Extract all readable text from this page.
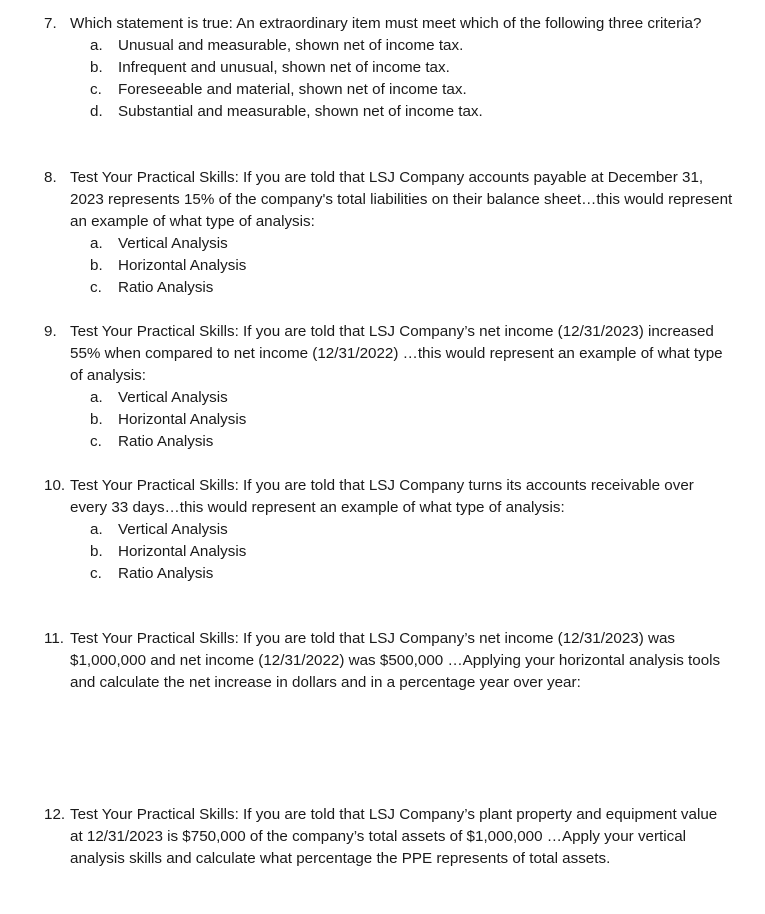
7. Which statement is true: An extraordinary item must meet which of the following three criteria?
a.	Unusual and measurable, shown net of income tax.
b.	Infrequent and unusual, shown net of income tax.
c.	Foreseeable and material, shown net of income tax.
d.	Substantial and measurable, shown net of income tax.
8. Test Your Practical Skills: If you are told that LSJ Company accounts payable at December 31, 2023 represents 15% of the company's total liabilities on their balance sheet…this would represent an example of what type of analysis:
a.	Vertical Analysis
b.	Horizontal Analysis
c.	Ratio Analysis
9. Test Your Practical Skills: If you are told that LSJ Company’s net income (12/31/2023) increased 55% when compared to net income (12/31/2022) …this would represent an example of what type of analysis:
a.	Vertical Analysis
b.	Horizontal Analysis
c.	Ratio Analysis
10. Test Your Practical Skills: If you are told that LSJ Company turns its accounts receivable over every 33 days…this would represent an example of what type of analysis:
a.	Vertical Analysis
b.	Horizontal Analysis
c.	Ratio Analysis
11. Test Your Practical Skills: If you are told that LSJ Company’s net income (12/31/2023) was $1,000,000 and net income (12/31/2022) was $500,000 …Applying your horizontal analysis tools and calculate the net increase in dollars and in a percentage year over year:
12. Test Your Practical Skills: If you are told that LSJ Company’s plant property and equipment value at 12/31/2023 is $750,000 of the company’s total assets of $1,000,000 …Apply your vertical analysis skills and calculate what percentage the PPE represents of total assets.
